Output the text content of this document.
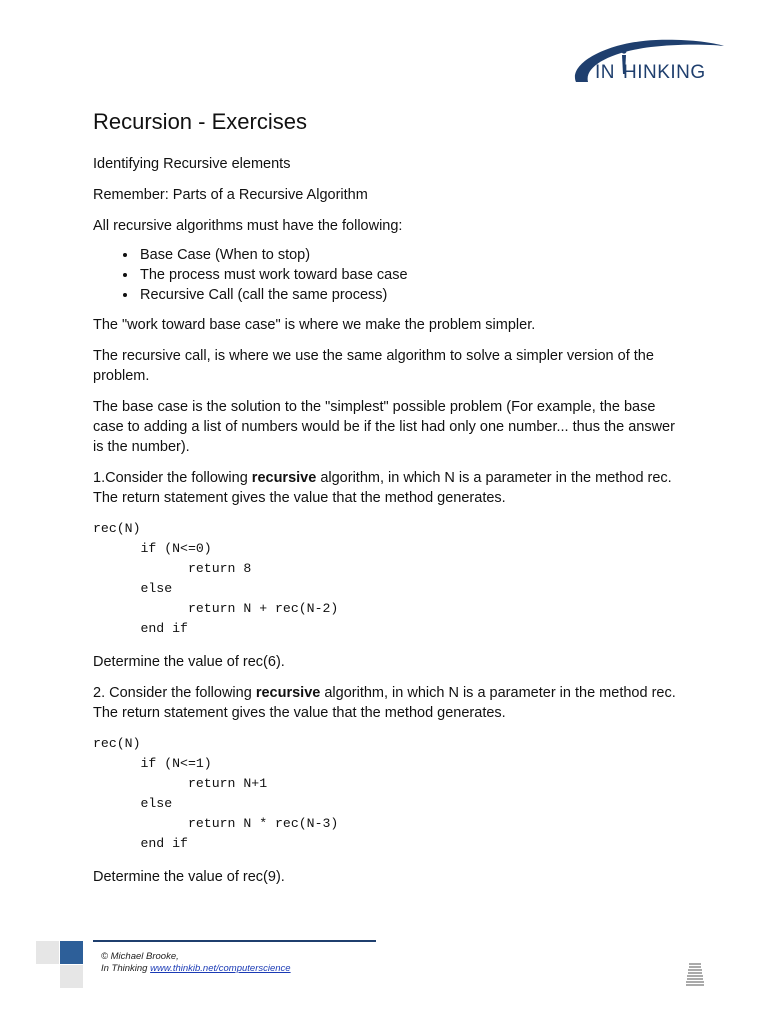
IN HINKING
Recursion - Exercises

Identifying Recursive elements

Remember: Parts of a Recursive Algorithm

All recursive algorithms must have the following:

• Base Case (When to stop)
• The process must work toward base case
• Recursive Call (call the same process)

The "work toward base case" is where we make the problem simpler.

The recursive call, is where we use the same algorithm to solve a simpler version of the problem.

The base case is the solution to the "simplest" possible problem (For example, the base case to adding a list of numbers would be if the list had only one number... thus the answer is the number).

1.Consider the following recursive algorithm, in which N is a parameter in the method rec. The return statement gives the value that the method generates.

rec(N)
if (N<=0)
return 8
else
return N + rec(N-2)
end if

Determine the value of rec(6).

2. Consider the following recursive algorithm, in which N is a parameter in the method rec. The return statement gives the value that the method generates.

rec(N)
if (N<=1)
return N+1
else
return N * rec(N-3)
end if

Determine the value of rec(9).

© Michael Brooke,
In Thinking www.thinkib.net/computerscience
